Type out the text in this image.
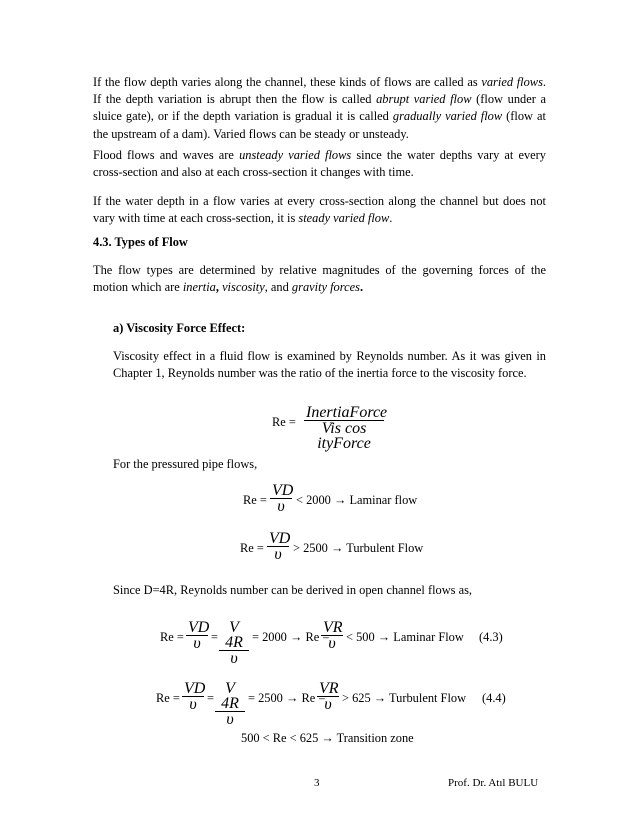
If the flow depth varies along the channel, these kinds of flows are called as varied flows. If the depth variation is abrupt then the flow is called abrupt varied flow (flow under a sluice gate), or if the depth variation is gradual it is called gradually varied flow (flow at the upstream of a dam). Varied flows can be steady or unsteady.

Flood flows and waves are unsteady varied flows since the water depths vary at every cross-section and also at each cross-section it changes with time.

If the water depth in a flow varies at every cross-section along the channel but does not vary with time at each cross-section, it is steady varied flow.

4.3. Types of Flow

The flow types are determined by relative magnitudes of the governing forces of the motion which are inertia, viscosity, and gravity forces.

a) Viscosity Force Effect:

Viscosity effect in a fluid flow is examined by Reynolds number. As it was given in Chapter 1, Reynolds number was the ratio of the inertia force to the viscosity force.

Re =
InertiaForce
Vis cos ityForce

For the pressured pipe flows,

$Re = \frac{VD}{\upsilon} < 2000$ → Laminar flow
$Re = \frac{VD}{\upsilon} > 2500$ → Turbulent Flow

Since D=4R, Reynolds number can be derived in open channel flows as,

$Re = \frac{VD}{\upsilon} = \frac{V 4R}{\upsilon} = 2000 \to Re$ =
$\frac{VR}{\upsilon} < 500$ → Laminar Flow (4.3)
$Re = \frac{VD}{\upsilon} = \frac{V 4R}{\upsilon} = 2500 \to Re$ =
$\frac{VR}{\upsilon} > 625$ → Turbulent Flow (4.4)
500 < Re < 625 → Transition zone
3	Prof. Dr. Atıl BULU
